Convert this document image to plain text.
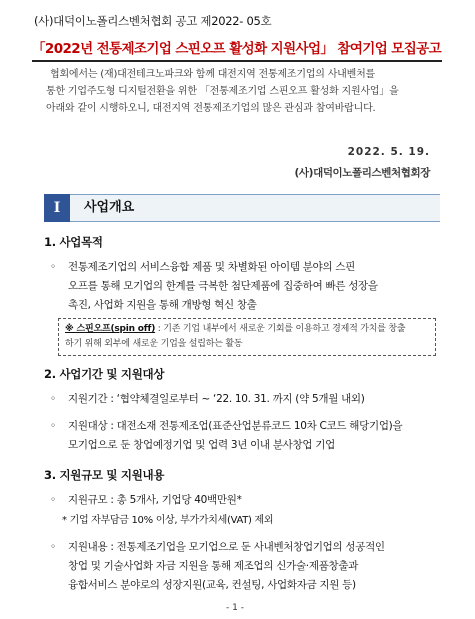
(사)대덕이노폴리스벤처협회 공고 제2022- 05호
「2022년 전통제조기업 스핀오프 활성화 지원사업」 참여기업 모집공고
협회에서는 (재)대전테크노파크와 함께 대전지역 전통제조기업의 사내벤처를
통한 기업주도형 디지털전환을 위한 「전통제조기업 스핀오프 활성화 지원사업」을
아래와 같이 시행하오니, 대전지역 전통제조기업의 많은 관심과 참여바랍니다.
2022. 5. 19.
(사)대덕이노폴리스벤처협회장
I	사업개요
1. 사업목적
◦ 전통제조기업의 서비스융합 제품 및 차별화된 아이템 분야의 스핀
오프를 통해 모기업의 한계를 극복한 첨단제품에 집중하여 빠른 성장을
촉진, 사업화 지원을 통해 개방형 혁신 창출
※ 스핀오프(spin off) : 기존 기업 내부에서 새로운 기회를 이용하고 경제적 가치를 창출
하기 위해 외부에 새로운 기업을 설립하는 활동
2. 사업기간 및 지원대상
◦ 지원기간 : ‘협약체결일로부터 ~ ‘22. 10. 31. 까지 (약 5개월 내외)
◦ 지원대상 : 대전소재 전통제조업(표준산업분류코드 10차 C코드 해당기업)을
모기업으로 둔 창업예정기업 및 업력 3년 이내 분사창업 기업
3. 지원규모 및 지원내용
◦ 지원규모 : 총 5개사, 기업당 40백만원*
* 기업 자부담금 10% 이상, 부가가치세(VAT) 제외
◦ 지원내용 : 전통제조기업을 모기업으로 둔 사내벤처창업기업의 성공적인
창업 및 기술사업화 자금 지원을 통해 제조업의 신가술·제품창출과
융합서비스 분야로의 성장지원(교육, 컨설팅, 사업화자금 지원 등)
- 1 -
